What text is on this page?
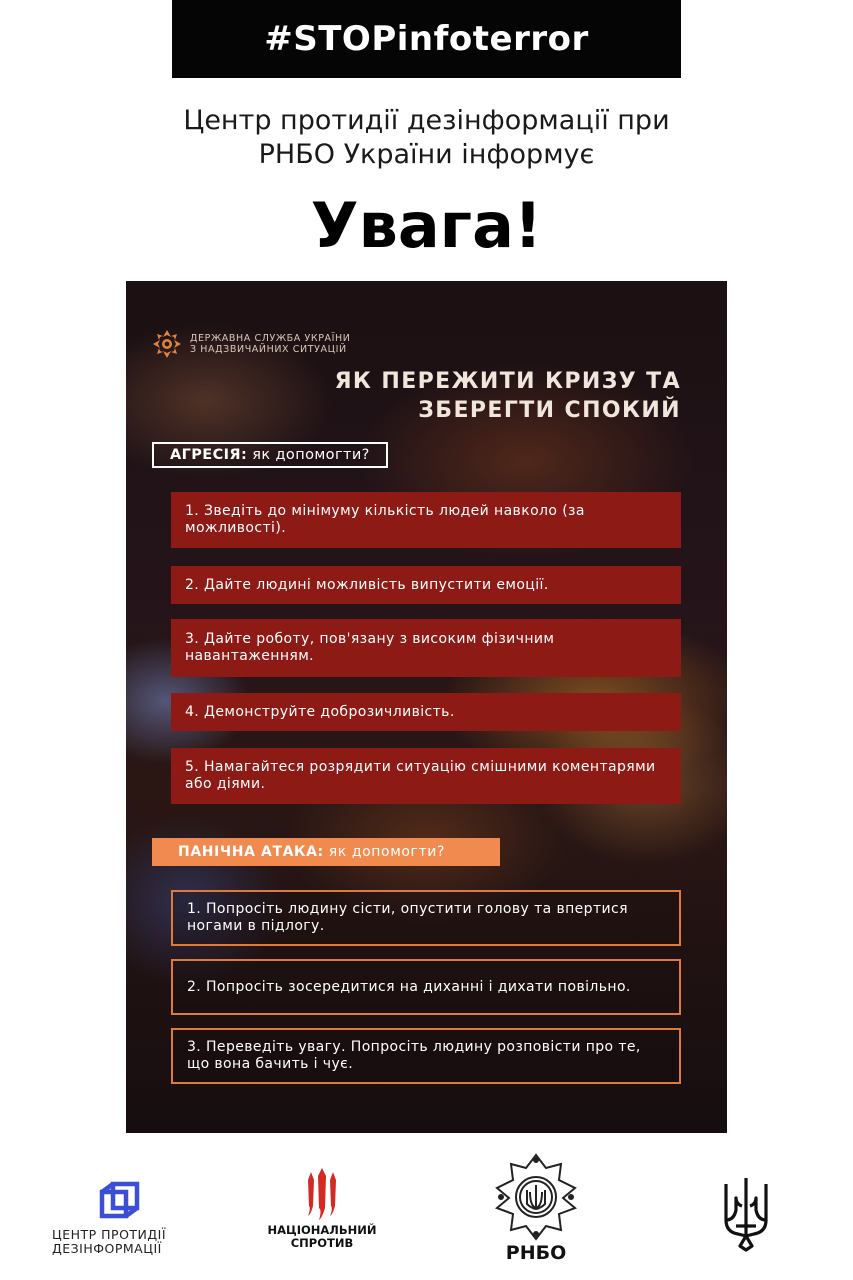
#STOPinfoterror
Центр протидії дезінформації при
РНБО України інформує
Увага!
ДЕРЖАВНА СЛУЖБА УКРАЇНИ
З НАДЗВИЧАЙНИХ СИТУАЦІЙ
ЯК ПЕРЕЖИТИ КРИЗУ ТА
ЗБЕРЕГТИ СПОКИЙ
АГРЕСІЯ: як допомогти?
1. Зведіть до мінімуму кількість людей навколо (за можливості).
2. Дайте людині можливість випустити емоції.
3. Дайте роботу, пов'язану з високим фізичним навантаженням.
4. Демонструйте доброзичливість.
5. Намагайтеся розрядити ситуацію смішними коментарями або діями.
ПАНІЧНА АТАКА: як допомогти?
1. Попросіть людину сісти, опустити голову та впертися ногами в підлогу.
2. Попросіть зосередитися на диханні і дихати повільно.
3. Переведіть увагу. Попросіть людину розповісти про те, що вона бачить і чує.
ЦЕНТР ПРОТИДІЇ
ДЕЗІНФОРМАЦІЇ
НАЦІОНАЛЬНИЙ
СПРОТИВ	РНБО
